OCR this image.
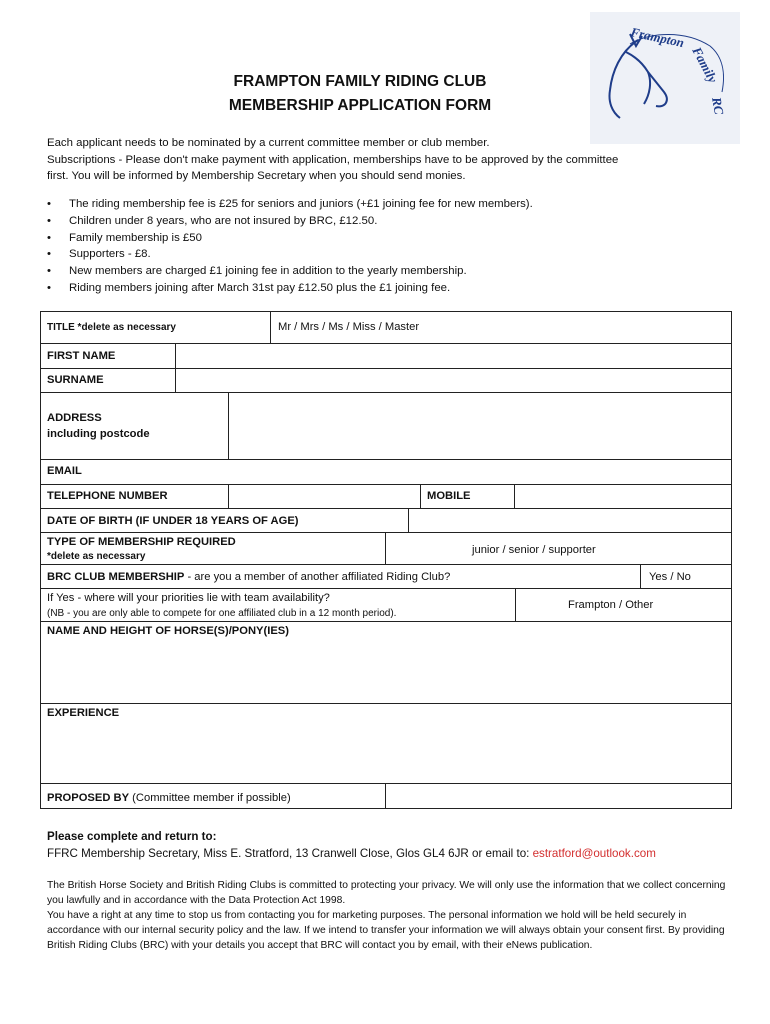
Frampton
Family
RC
FRAMPTON FAMILY RIDING CLUB
MEMBERSHIP APPLICATION FORM

Each applicant needs to be nominated by a current committee member or club member.

Subscriptions - Please don't make payment with application, memberships have to be approved by the committee

first. You will be informed by Membership Secretary when you should send monies.

• The riding membership fee is £25 for seniors and juniors (+£1 joining fee for new members).
• Children under 8 years, who are not insured by BRC, £12.50.
• Family membership is £50
• Supporters - £8.
• New members are charged £1 joining fee in addition to the yearly membership.
• Riding members joining after March 31st pay £12.50 plus the £1 joining fee.
TITLE *delete as necessary	Mr / Mrs / Ms / Miss / Master
FIRST NAME
SURNAME
ADDRESS
including postcode
EMAIL
TELEPHONE NUMBER	MOBILE
DATE OF BIRTH (IF UNDER 18 YEARS OF AGE)
TYPE OF MEMBERSHIP REQUIRED
*delete as necessary
junior / senior / supporter
BRC CLUB MEMBERSHIP - are you a member of another affiliated Riding Club?	Yes / No
If Yes - where will your priorities lie with team availability?
(NB - you are only able to compete for one affiliated club in a 12 month period).
Frampton / Other
NAME AND HEIGHT OF HORSE(S)/PONY(IES)
EXPERIENCE
PROPOSED BY (Committee member if possible)
Please complete and return to:
FFRC Membership Secretary, Miss E. Stratford, 13 Cranwell Close, Glos GL4 6JR or email to: estratford@outlook.com

The British Horse Society and British Riding Clubs is committed to protecting your privacy. We will only use the information that we collect concerning you lawfully and in accordance with the Data Protection Act 1998.

You have a right at any time to stop us from contacting you for marketing purposes. The personal information we hold will be held securely in accordance with our internal security policy and the law. If we intend to transfer your information we will always obtain your consent first. By providing British Riding Clubs (BRC) with your details you accept that BRC will contact you by email, with their eNews publication.
